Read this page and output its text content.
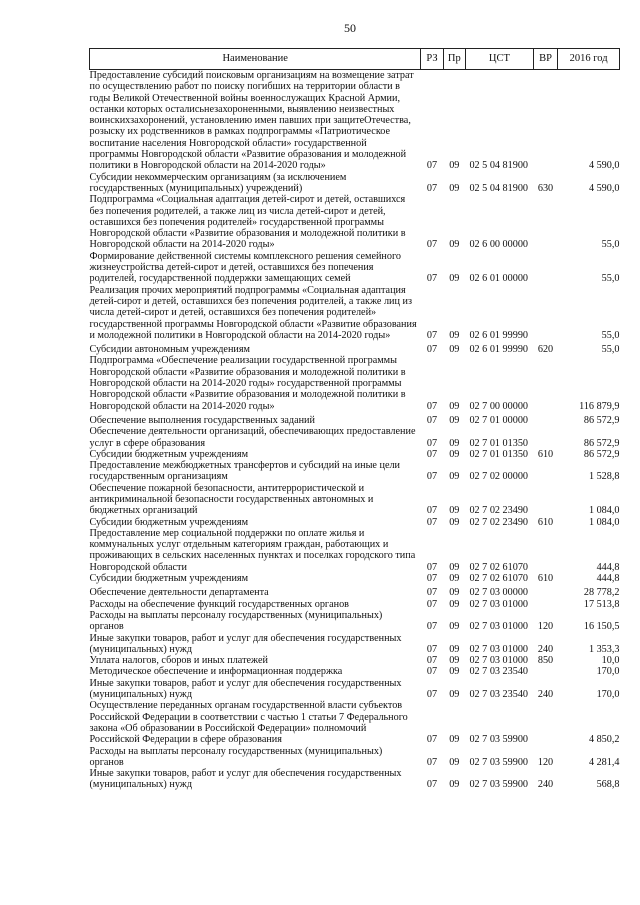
50
Наименование	РЗ	Пр	ЦСТ	ВР	2016 год
Предоставление субсидий поисковым организациям на возмещение затрат по осуществлению работ по поиску погибших на территории области в годы Великой Отечественной войны военнослужащих Красной Армии, останки которых осталисьнезахороненными, выявлению неизвестных воинскихзахоронений, установлению имен павших при защитеОтечества, розыску их родственников в рамках подпрограммы «Патриотическое воспитание населения Новгородской области» государственной программы Новгородской области «Развитие образования и молодежной политики в Новгородской области на 2014-2020 годы»	07	09	02 5 04 81900		4 590,0
Субсидии некоммерческим организациям (за исключением государственных (муниципальных) учреждений)	07	09	02 5 04 81900	630	4 590,0
Подпрограмма «Социальная адаптация детей-сирот и детей, оставшихся без попечения родителей, а также лиц из числа детей-сирот и детей, оставшихся без попечения родителей» государственной программы Новгородской области «Развитие образования и молодежной политики в Новгородской области на 2014-2020 годы»	07	09	02 6 00 00000		55,0
Формирование действенной системы комплексного решения семейного жизнеустройства детей-сирот и детей, оставшихся без попечения родителей, государственной поддержки замещающих семей	07	09	02 6 01 00000		55,0
Реализация прочих мероприятий подпрограммы «Социальная адаптация детей-сирот и детей, оставшихся без попечения родителей, а также лиц из числа детей-сирот и детей, оставшихся без попечения родителей» государственной программы Новгородской области «Развитие образования и молодежной политики в Новгородской области на 2014-2020 годы»	07	09	02 6 01 99990		55,0
Субсидии автономным учреждениям	07	09	02 6 01 99990	620	55,0
Подпрограмма «Обеспечение реализации государственной программы Новгородской области «Развитие образования и молодежной политики в Новгородской области на 2014-2020 годы» государственной программы Новгородской области «Развитие образования и молодежной политики в Новгородской области на 2014-2020 годы»	07	09	02 7 00 00000		116 879,9
Обеспечение выполнения государственных заданий	07	09	02 7 01 00000		86 572,9
Обеспечение деятельности организаций, обеспечивающих предоставление услуг в сфере образования	07	09	02 7 01 01350		86 572,9
Субсидии бюджетным учреждениям	07	09	02 7 01 01350	610	86 572,9
Предоставление межбюджетных трансфертов и субсидий на иные цели государственным организациям	07	09	02 7 02 00000		1 528,8
Обеспечение пожарной безопасности, антитеррористической и антикриминальной безопасности государственных автономных и бюджетных организаций	07	09	02 7 02 23490		1 084,0
Субсидии бюджетным учреждениям	07	09	02 7 02 23490	610	1 084,0
Предоставление мер социальной поддержки по оплате жилья и коммунальных услуг отдельным категориям граждан, работающих и проживающих в сельских населенных пунктах и поселках городского типа Новгородской области	07	09	02 7 02 61070		444,8
Субсидии бюджетным учреждениям	07	09	02 7 02 61070	610	444,8
Обеспечение деятельности департамента	07	09	02 7 03 00000		28 778,2
Расходы на обеспечение функций государственных органов	07	09	02 7 03 01000		17 513,8
Расходы на выплаты персоналу государственных (муниципальных) органов	07	09	02 7 03 01000	120	16 150,5
Иные закупки товаров, работ и услуг для обеспечения государственных (муниципальных) нужд	07	09	02 7 03 01000	240	1 353,3
Уплата налогов, сборов и иных платежей	07	09	02 7 03 01000	850	10,0
Методическое обеспечение и информационная поддержка	07	09	02 7 03 23540		170,0
Иные закупки товаров, работ и услуг для обеспечения государственных (муниципальных) нужд	07	09	02 7 03 23540	240	170,0
Осуществление переданных органам государственной власти субъектов Российской Федерации в соответствии с частью 1 статьи 7 Федерального закона «Об образовании в Российской Федерации» полномочий Российской Федерации в сфере образования	07	09	02 7 03 59900		4 850,2
Расходы на выплаты персоналу государственных (муниципальных) органов	07	09	02 7 03 59900	120	4 281,4
Иные закупки товаров, работ и услуг для обеспечения государственных (муниципальных) нужд	07	09	02 7 03 59900	240	568,8
